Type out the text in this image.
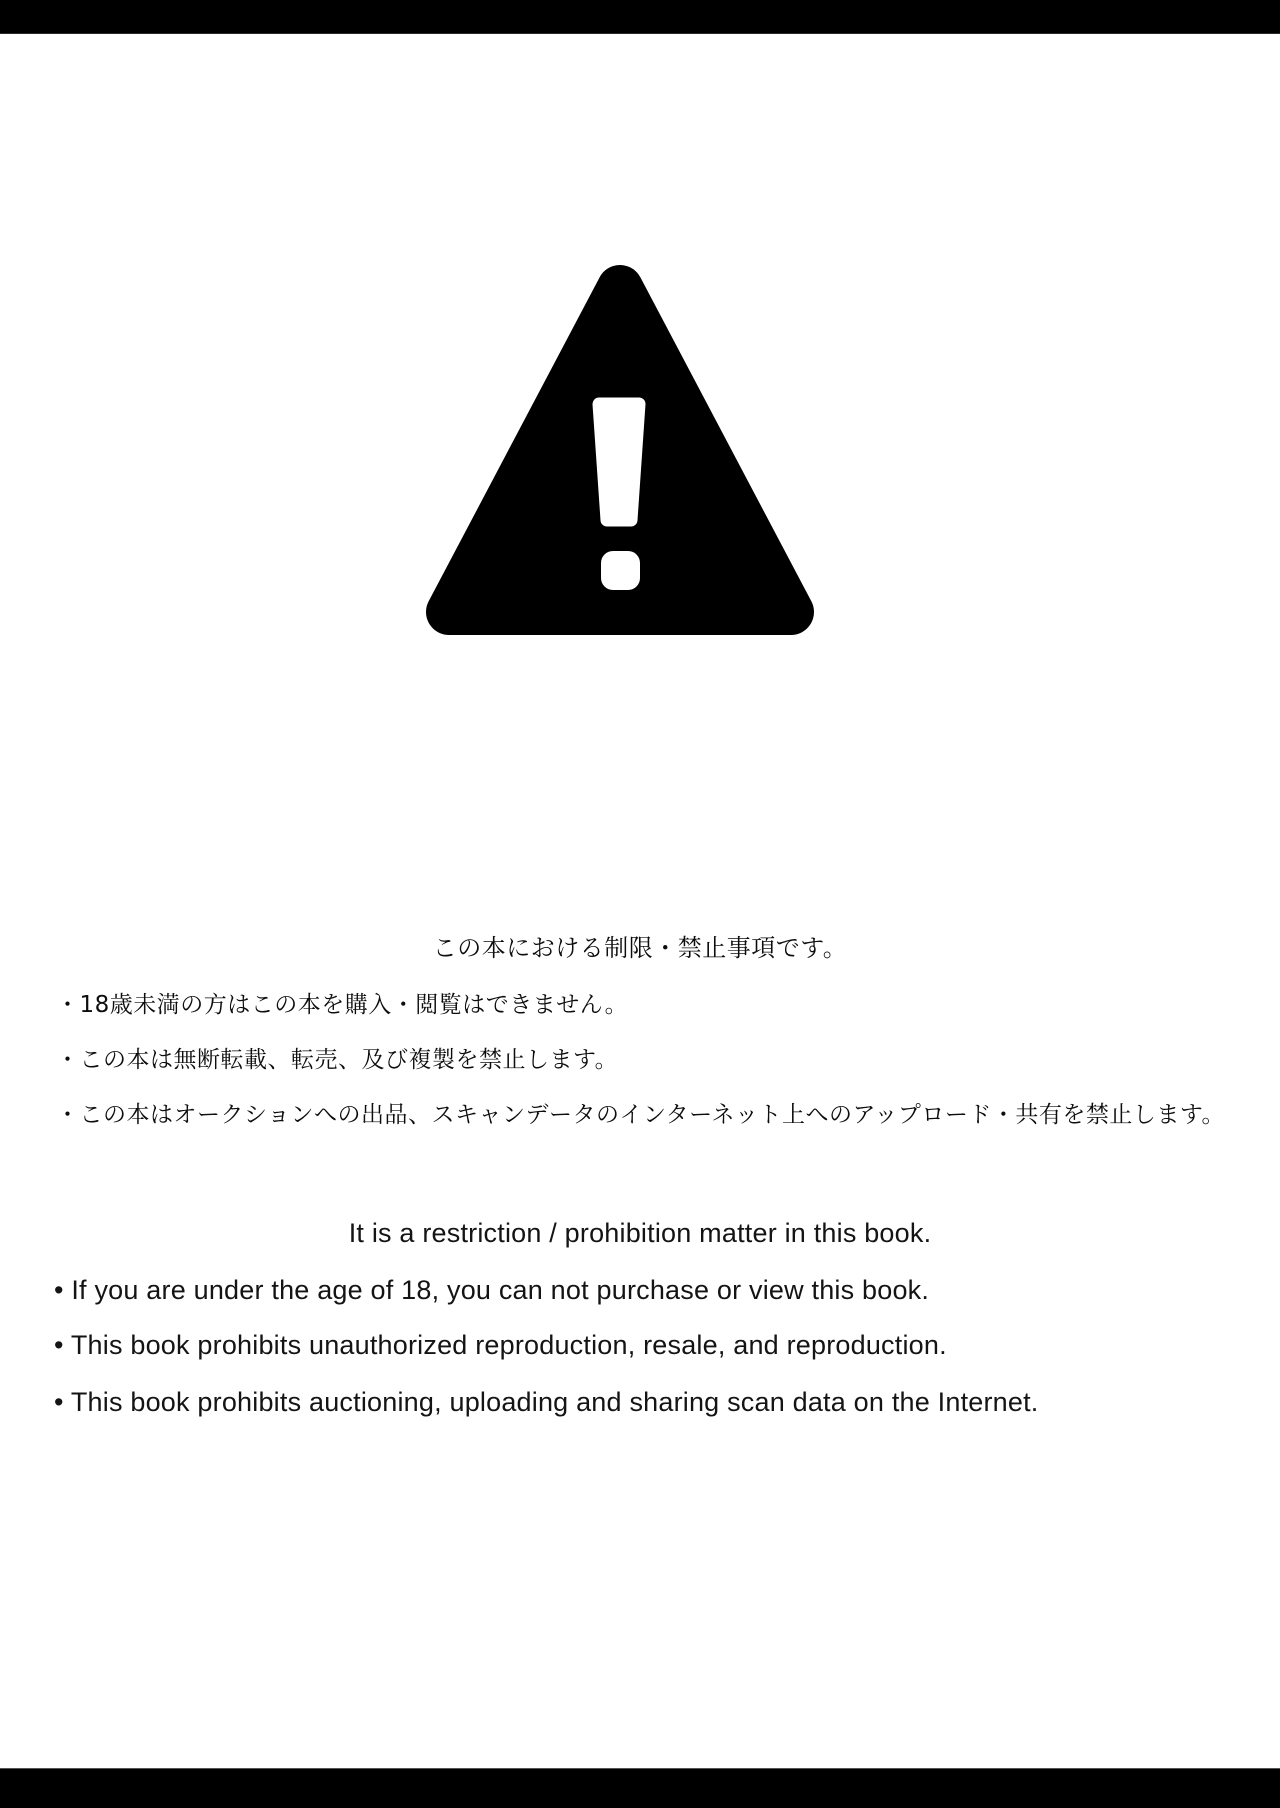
この本における制限・禁止事項です。
・18歳未満の方はこの本を購入・閲覧はできません。
・この本は無断転載、転売、及び複製を禁止します。
・この本はオークションへの出品、スキャンデータのインターネット上へのアップロード・共有を禁止します。
It is a restriction / prohibition matter in this book.
• If you are under the age of 18, you can not purchase or view this book.
• This book prohibits unauthorized reproduction, resale, and reproduction.
• This book prohibits auctioning, uploading and sharing scan data on the Internet.
